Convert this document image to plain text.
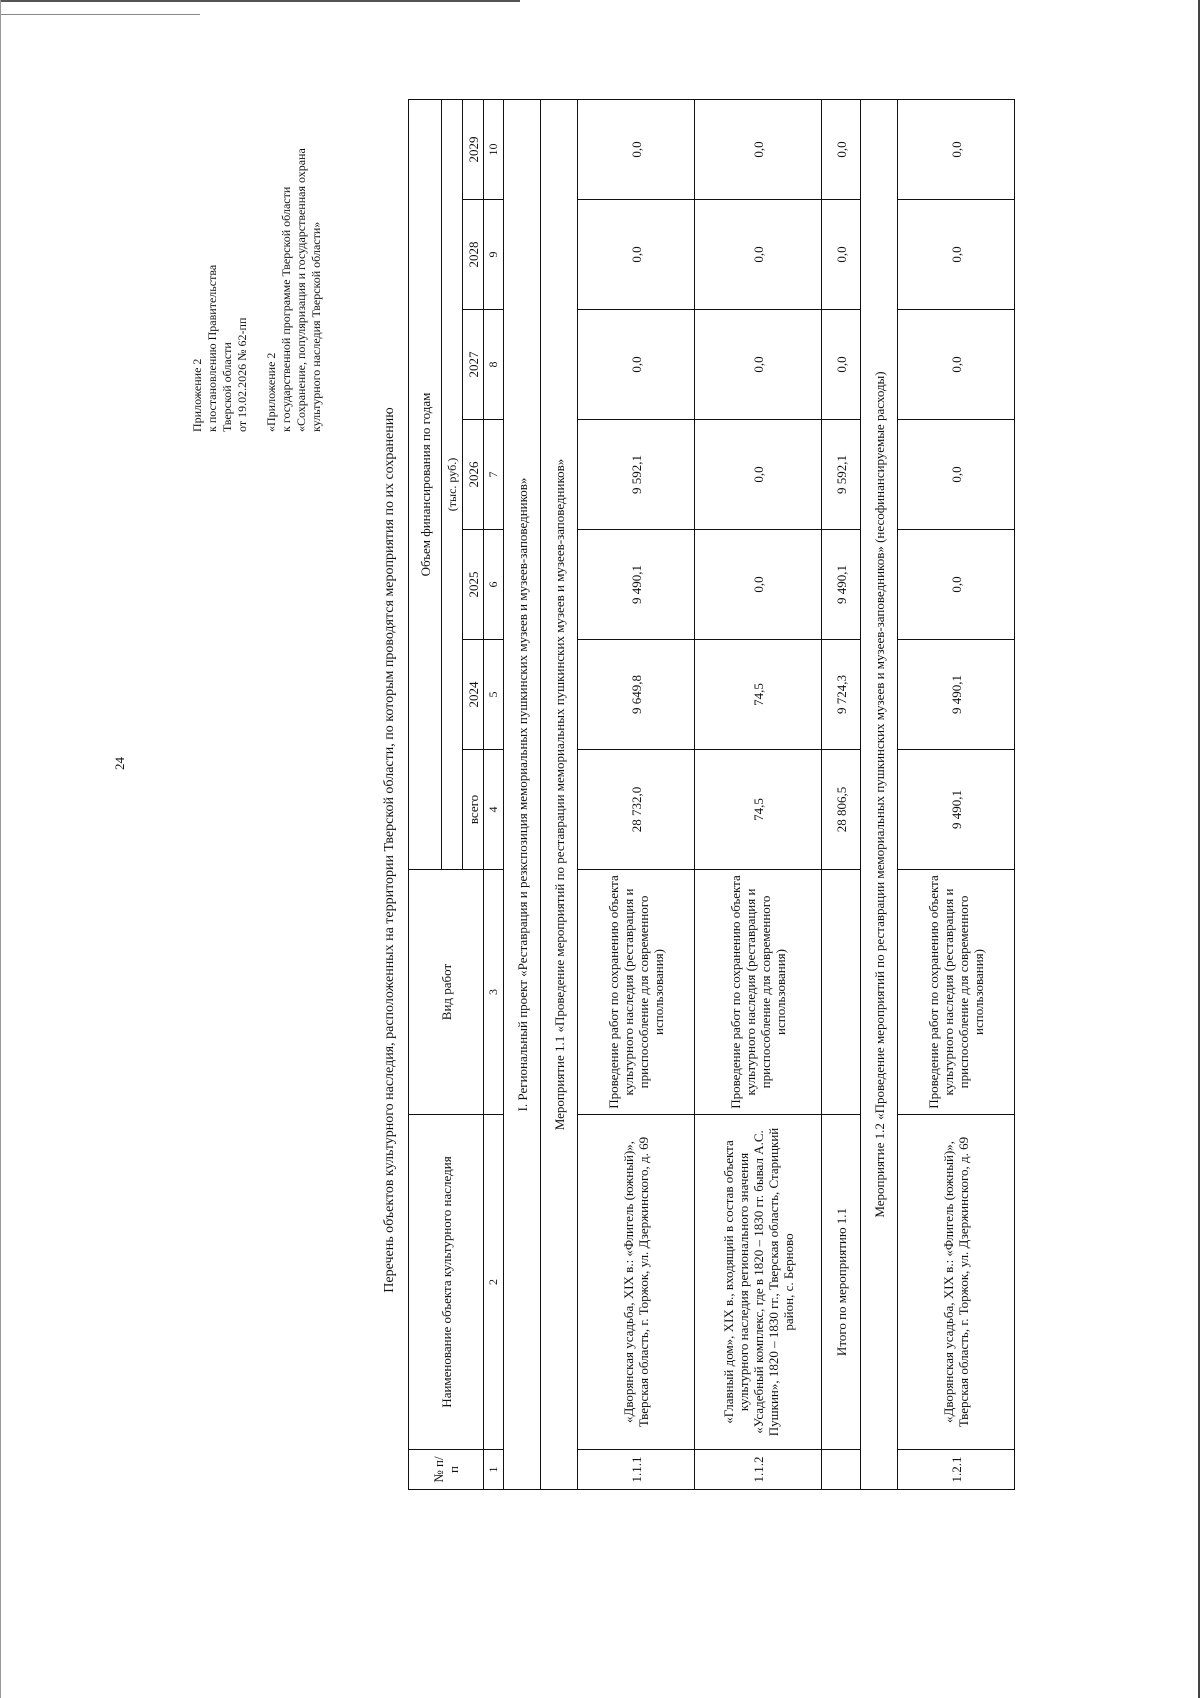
24
Приложение 2 к постановлению Правительства Тверской области от 19.02.2026 № 62-пп «Приложение 2 к государственной программе Тверской области «Сохранение, популяризация и государственная охрана культурного наследия Тверской области»
Перечень объектов культурного наследия, расположенных на территории Тверской области, по которым проводятся мероприятия по их сохранению
№ п/п	Наименование объекта культурного наследия	Вид работ	Объем финансирования по годам						
			(тыс. руб.)						
			всего	2024	2025	2026	2027	2028	2029
1	2	3	4	5	6	7	8	9	10
I. Региональный проект «Реставрация и резкспозиция мемориальных пушкинских музеев и музеев-заповедников»									
Мероприятие 1.1 «Проведение мероприятий по реставрации мемориальных пушкинских музеев и музеев-заповедников»									
1.1.1	«Дворянская усадьба, XIX в.: «Флигель (южный)», Тверская область, г. Торжок, ул. Дзержинского, д. 69	Проведение работ по сохранению объекта культурного наследия (реставрация и приспособление для современного использования)	28 732,0	9 649,8	9 490,1	9 592,1	0,0	0,0	0,0
1.1.2	«Главный дом», XIX в., входящий в состав объекта культурного наследия регионального значения «Усадебный комплекс, где в 1820 – 1830 гг. бывал А.С. Пушкин», 1820 – 1830 гг., Тверская область, Старицкий район, с. Берново	Проведение работ по сохранению объекта культурного наследия (реставрация и приспособление для современного использования)	74,5	74,5	0,0	0,0	0,0	0,0	0,0
	Итого по мероприятию 1.1		28 806,5	9 724,3	9 490,1	9 592,1	0,0	0,0	0,0
Мероприятие 1.2 «Проведение мероприятий по реставрации мемориальных пушкинских музеев и музеев-заповедников» (несофинансируемые расходы)									
1.2.1	«Дворянская усадьба, XIX в.: «Флигель (южный)», Тверская область, г. Торжок, ул. Дзержинского, д. 69	Проведение работ по сохранению объекта культурного наследия (реставрация и приспособление для современного использования)	9 490,1	9 490,1	0,0	0,0	0,0	0,0	0,0
